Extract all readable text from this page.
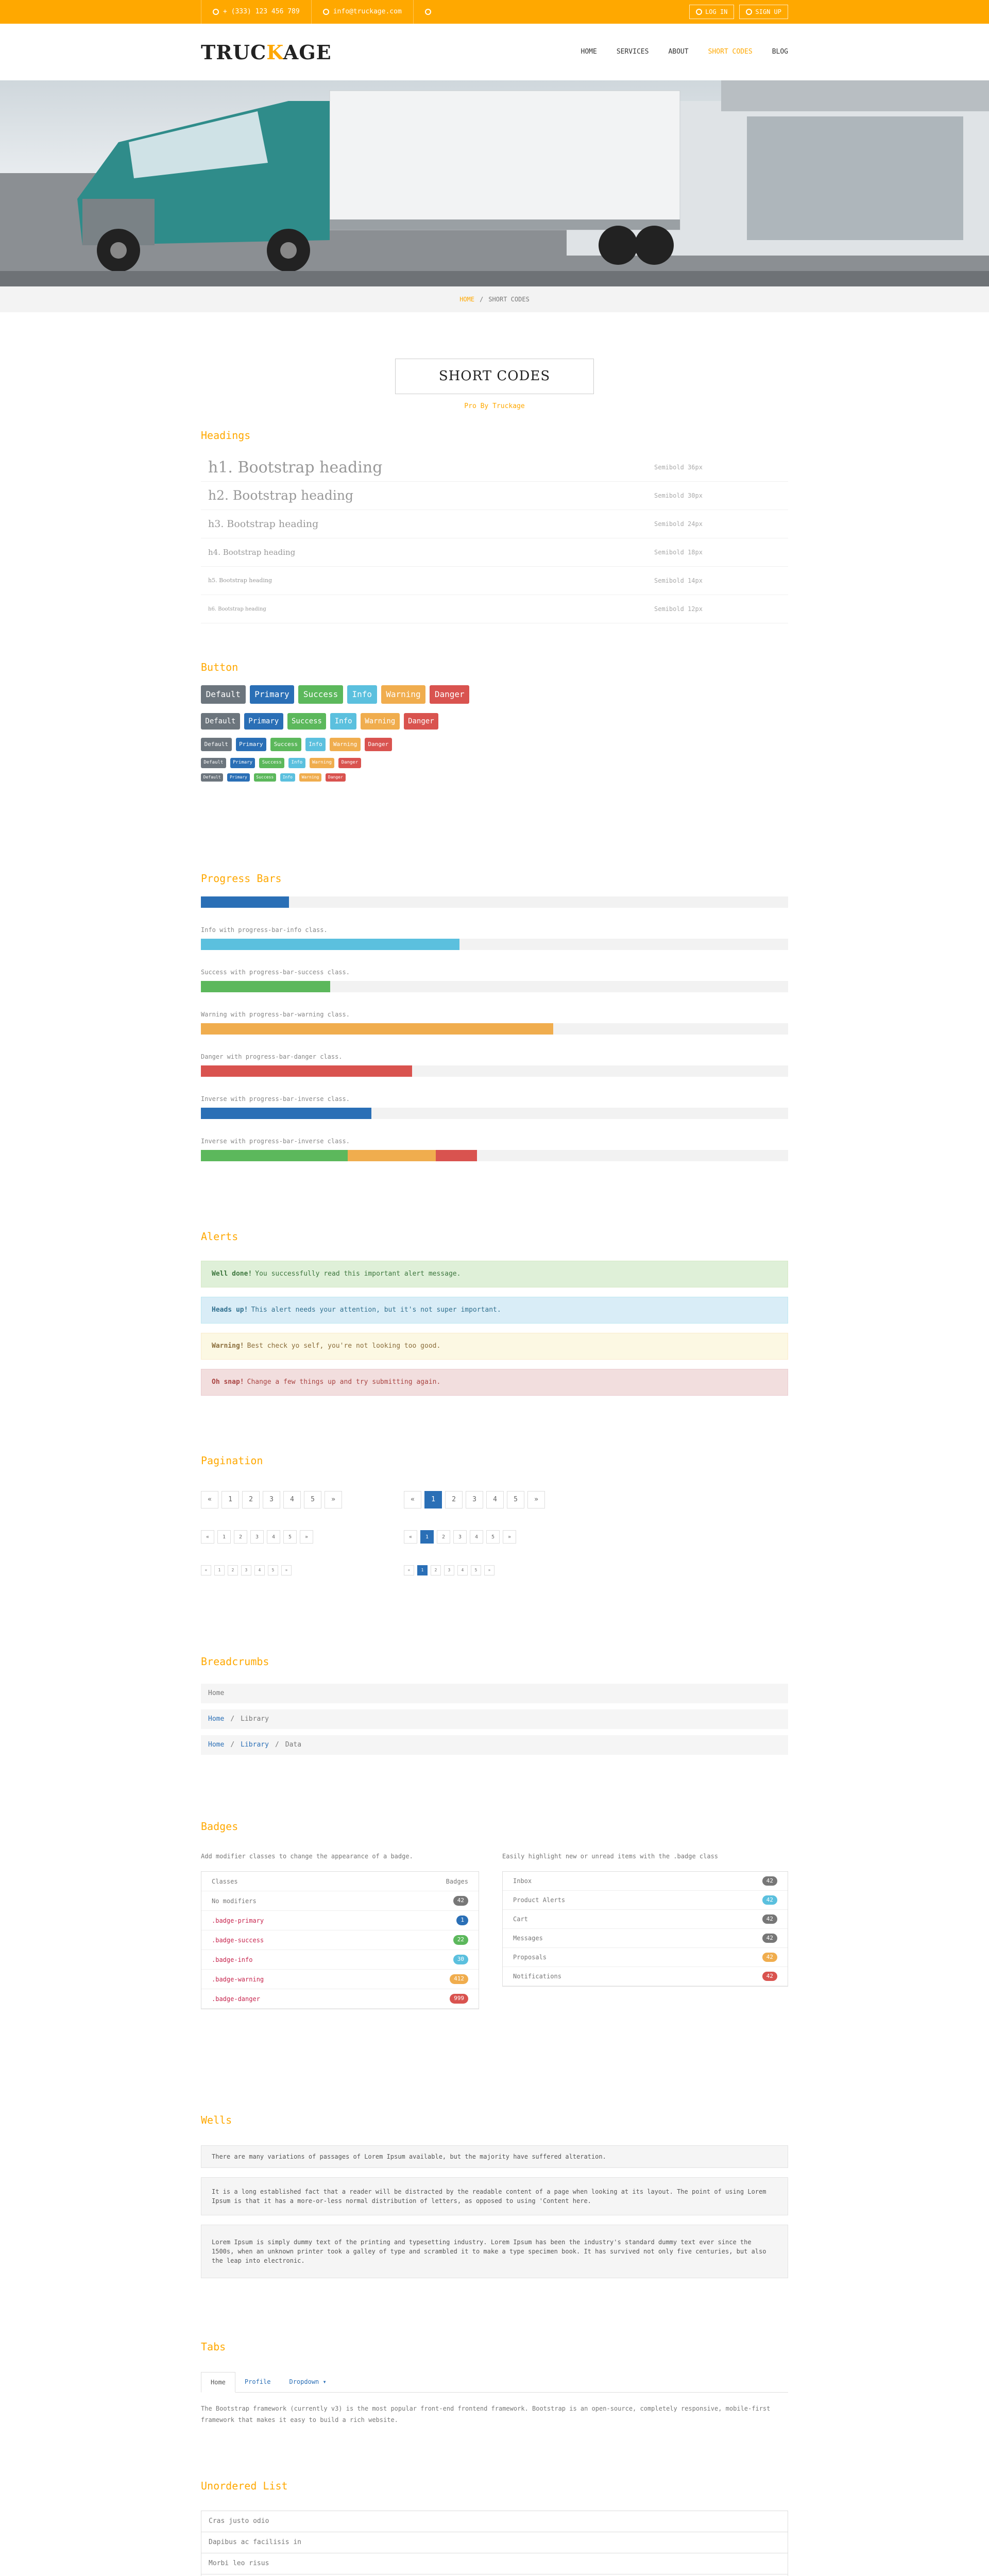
+ (333) 123 456 789	info@truckage.com	LOG IN	SIGN UP
TRUCKAGE	HOME	SERVICES	ABOUT	SHORT CODES	BLOG
HOME / SHORT CODES
SHORT CODES
Pro By Truckage
Headings
h1. Bootstrap heading	Semibold 36px
h2. Bootstrap heading	Semibold 30px
h3. Bootstrap heading	Semibold 24px
h4. Bootstrap heading	Semibold 18px
h5. Bootstrap heading	Semibold 14px
h6. Bootstrap heading	Semibold 12px
Button
Default	Primary	Success	Info	Warning	Danger
Default	Primary	Success	Info	Warning	Danger
Default	Primary	Success	Info	Warning	Danger
Default	Primary	Success	Info	Warning	Danger
Default	Primary	Success	Info	Warning	Danger
Progress Bars
Info with progress-bar-info class.
Success with progress-bar-success class.
Warning with progress-bar-warning class.
Danger with progress-bar-danger class.
Inverse with progress-bar-inverse class.
Inverse with progress-bar-inverse class.
Alerts
Well done! You successfully read this important alert message.
Heads up! This alert needs your attention, but it's not super important.
Warning! Best check yo self, you're not looking too good.
Oh snap! Change a few things up and try submitting again.
Pagination
«	1	2	3	4	5	»
«	1	2	3	4	5	»
«	1	2	3	4	5	»
«	1	2	3	4	5	»
«	1	2	3	4	5	»
«	1	2	3	4	5	»
Breadcrumbs
Home
Home / Library
Home / Library / Data
Badges
Add modifier classes to change the appearance of a badge.
Classes	Badges
No modifiers	42
.badge-primary	1
.badge-success	22
.badge-info	30
.badge-warning	412
.badge-danger	999
Easily highlight new or unread items with the .badge class
Inbox	42
Product Alerts	42
Cart	42
Messages	42
Proposals	42
Notifications	42
Wells
There are many variations of passages of Lorem Ipsum available, but the majority have suffered alteration.
It is a long established fact that a reader will be distracted by the readable content of a page when looking at its layout. The point of using Lorem Ipsum is that it has a more-or-less normal distribution of letters, as opposed to using 'Content here.
Lorem Ipsum is simply dummy text of the printing and typesetting industry. Lorem Ipsum has been the industry's standard dummy text ever since the 1500s, when an unknown printer took a galley of type and scrambled it to make a type specimen book. It has survived not only five centuries, but also the leap into electronic.
Tabs
Home	Profile	Dropdown ▾
The Bootstrap framework (currently v3) is the most popular front-end frontend framework. Bootstrap is an open-source, completely responsive, mobile-first framework that makes it easy to build a rich website.
Unordered List
Cras justo odio
Dapibus ac facilisis in
Morbi leo risus
